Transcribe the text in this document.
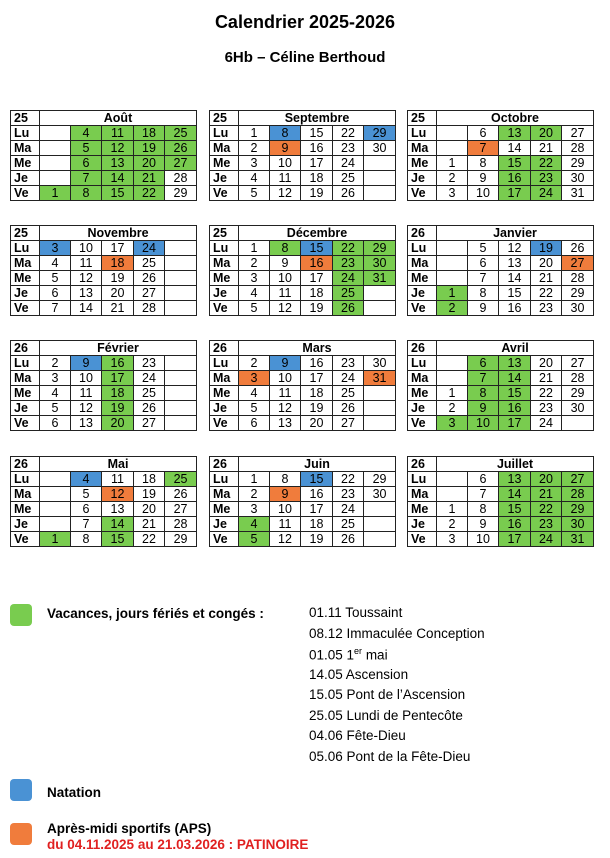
Calendrier 2025-2026
6Hb – Céline Berthoud
25	Août				
Lu		4	11	18	25
Ma		5	12	19	26
Me		6	13	20	27
Je		7	14	21	28
Ve	1	8	15	22	29
25	Septembre				
Lu	1	8	15	22	29
Ma	2	9	16	23	30
Me	3	10	17	24	
Je	4	11	18	25	
Ve	5	12	19	26	
25	Octobre				
Lu		6	13	20	27
Ma		7	14	21	28
Me	1	8	15	22	29
Je	2	9	16	23	30
Ve	3	10	17	24	31
25	Novembre				
Lu	3	10	17	24	
Ma	4	11	18	25	
Me	5	12	19	26	
Je	6	13	20	27	
Ve	7	14	21	28	
25	Décembre				
Lu	1	8	15	22	29
Ma	2	9	16	23	30
Me	3	10	17	24	31
Je	4	11	18	25	
Ve	5	12	19	26	
26	Janvier				
Lu		5	12	19	26
Ma		6	13	20	27
Me		7	14	21	28
Je	1	8	15	22	29
Ve	2	9	16	23	30
26	Février				
Lu	2	9	16	23	
Ma	3	10	17	24	
Me	4	11	18	25	
Je	5	12	19	26	
Ve	6	13	20	27	
26	Mars				
Lu	2	9	16	23	30
Ma	3	10	17	24	31
Me	4	11	18	25	
Je	5	12	19	26	
Ve	6	13	20	27	
26	Avril				
Lu		6	13	20	27
Ma		7	14	21	28
Me	1	8	15	22	29
Je	2	9	16	23	30
Ve	3	10	17	24	
26	Mai				
Lu		4	11	18	25
Ma		5	12	19	26
Me		6	13	20	27
Je		7	14	21	28
Ve	1	8	15	22	29
26	Juin				
Lu	1	8	15	22	29
Ma	2	9	16	23	30
Me	3	10	17	24	
Je	4	11	18	25	
Ve	5	12	19	26	
26	Juillet				
Lu		6	13	20	27
Ma		7	14	21	28
Me	1	8	15	22	29
Je	2	9	16	23	30
Ve	3	10	17	24	31
Vacances, jours fériés et congés :	01.11 Toussaint
08.12 Immaculée Conception
01.05 1er mai
14.05 Ascension
15.05 Pont de l’Ascension
25.05 Lundi de Pentecôte
04.06 Fête-Dieu
05.06 Pont de la Fête-Dieu
Natation
Après-midi sportifs (APS)
du 04.11.2025 au 21.03.2026 : PATINOIRE
